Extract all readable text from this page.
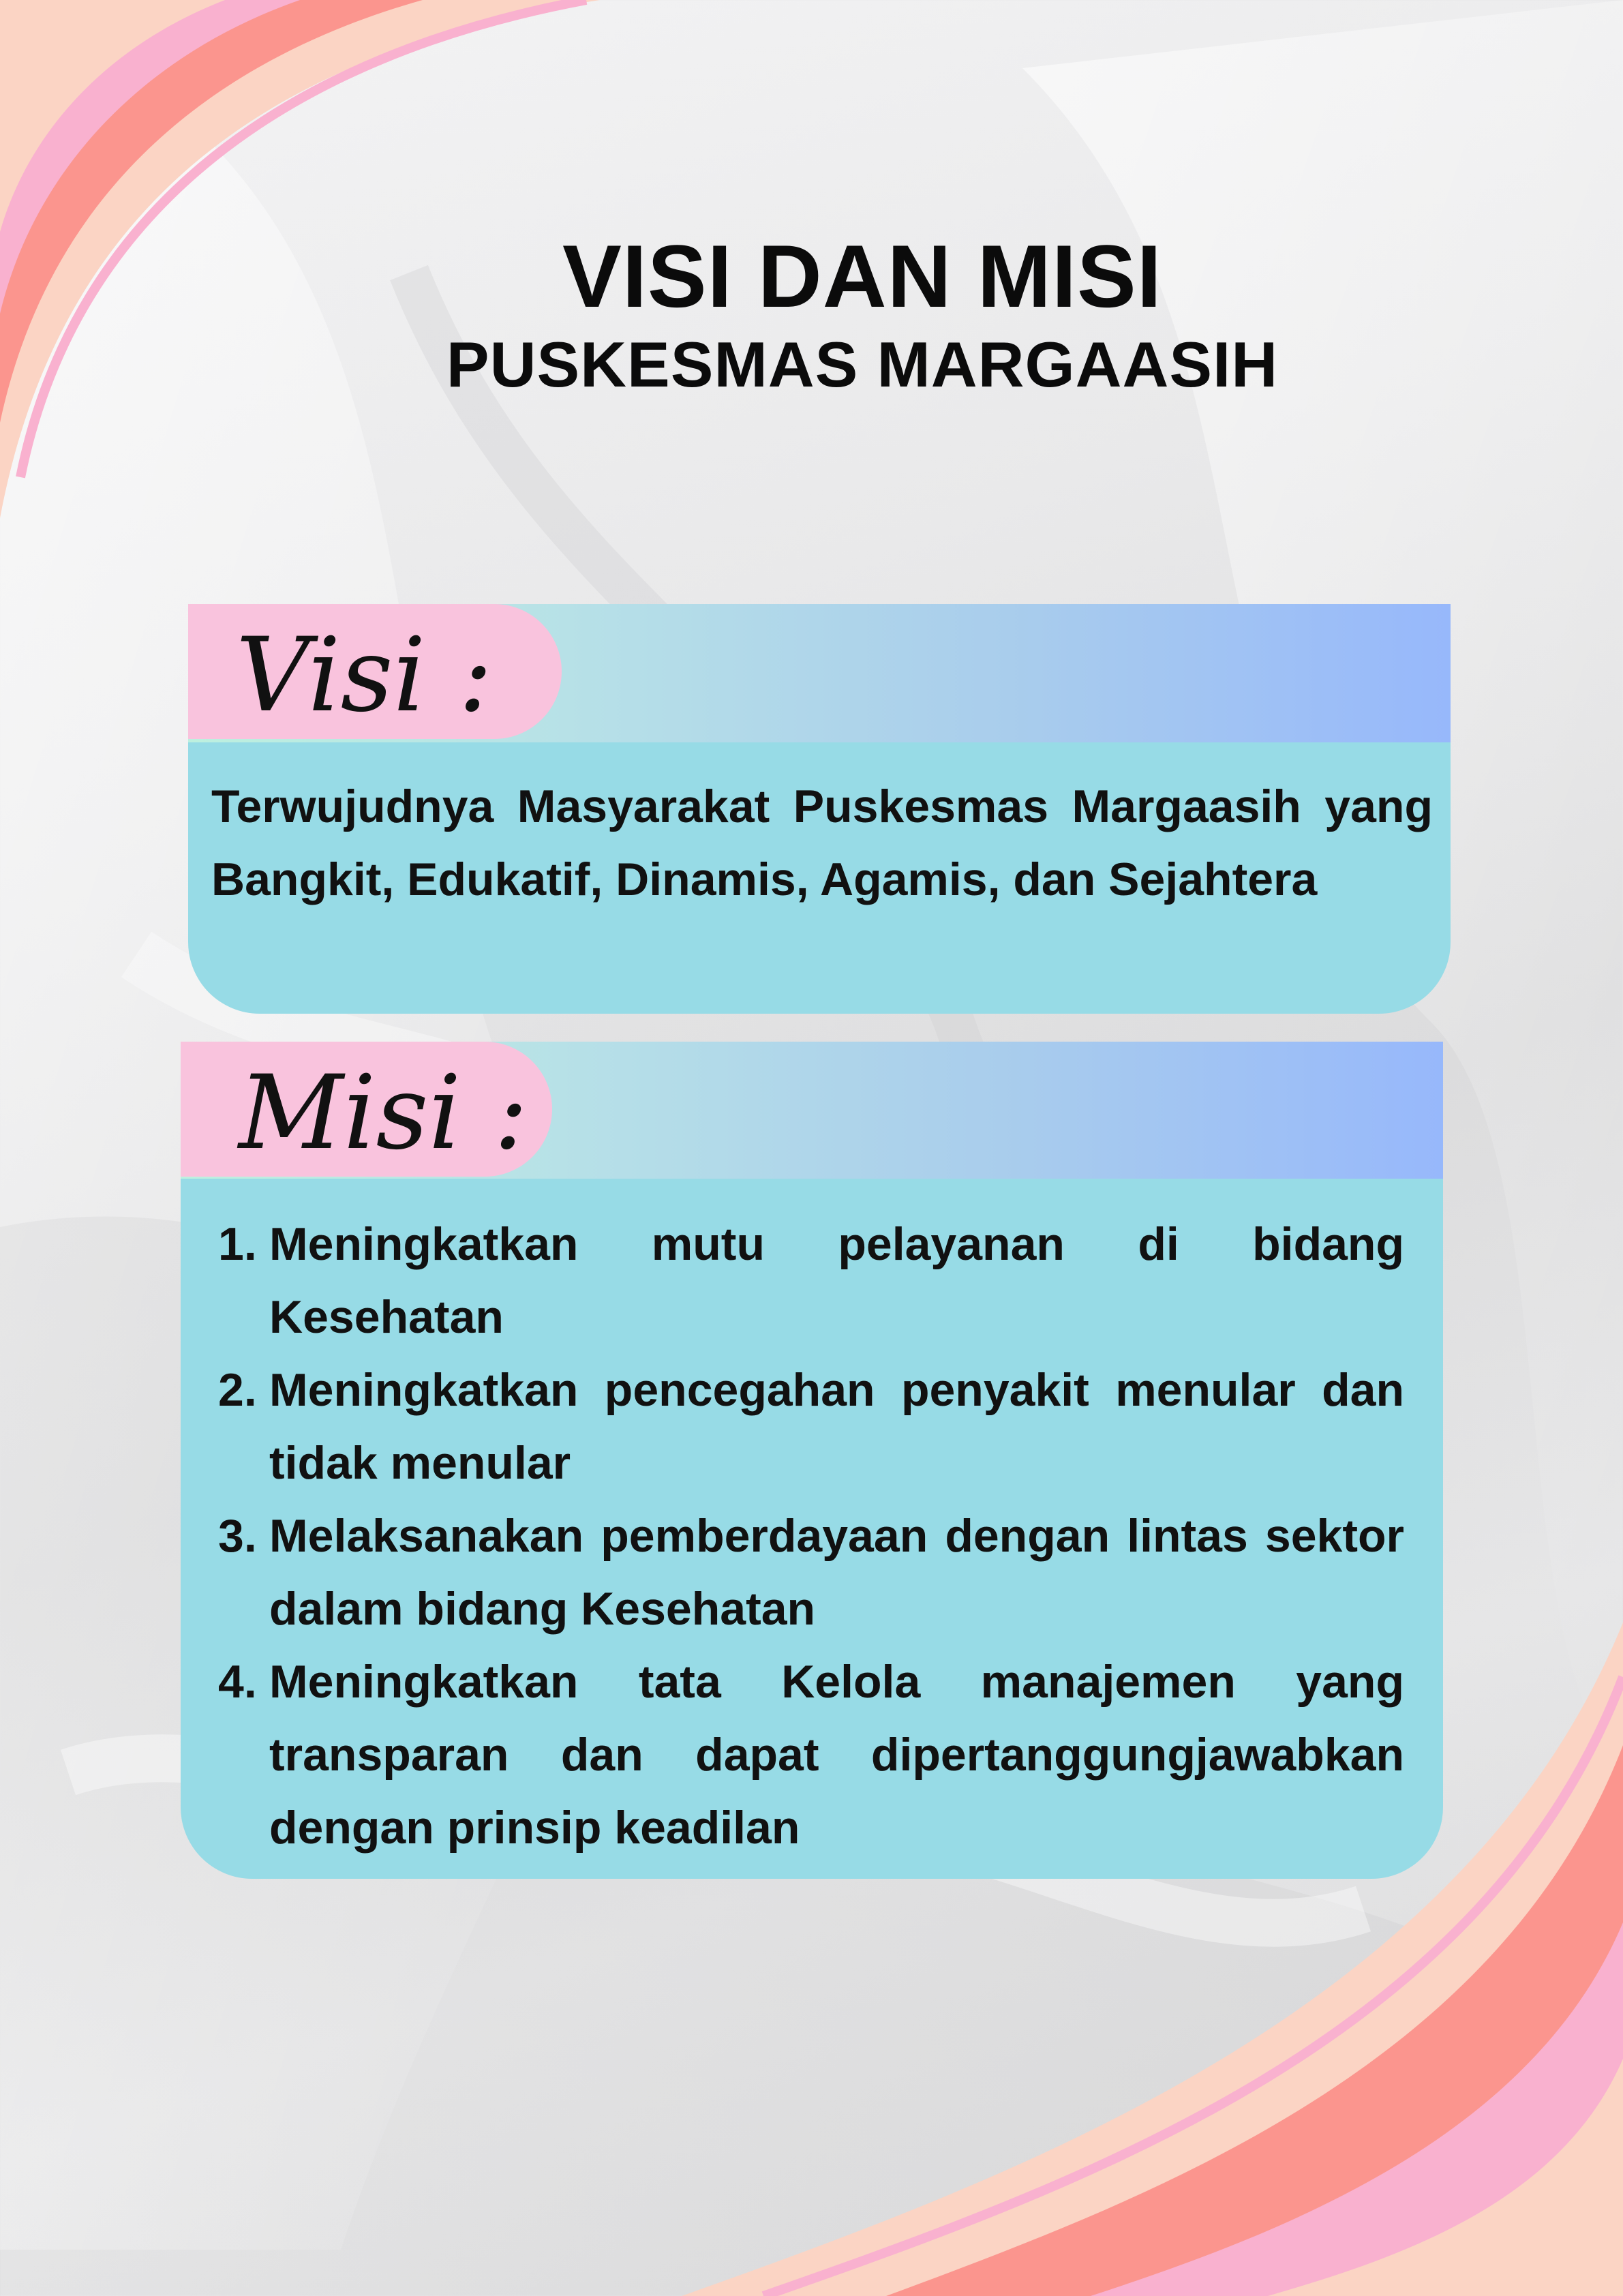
VISI DAN MISI
PUSKESMAS MARGAASIH
Visi :
Terwujudnya Masyarakat Puskesmas Margaasih yang Bangkit, Edukatif, Dinamis, Agamis, dan Sejahtera
Misi :
1. Meningkatkan mutu pelayanan di bidang Kesehatan
2. Meningkatkan pencegahan penyakit menular dan tidak menular
3. Melaksanakan pemberdayaan dengan lintas sektor dalam bidang Kesehatan
4. Meningkatkan tata Kelola manajemen yang transparan dan dapat dipertanggungjawabkan dengan prinsip keadilan
